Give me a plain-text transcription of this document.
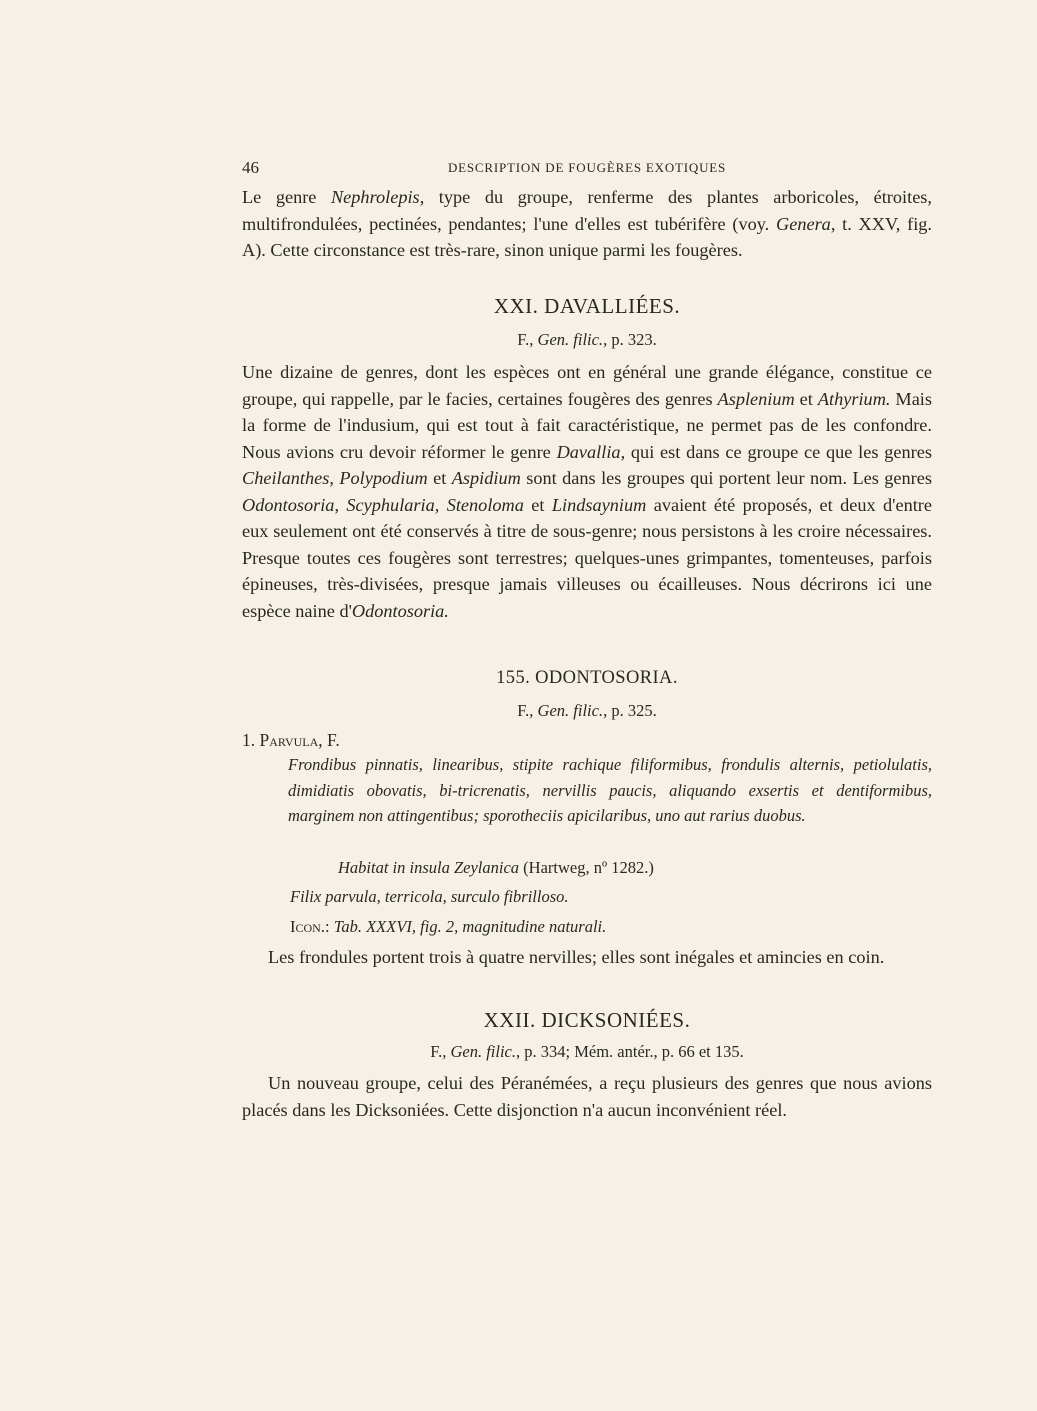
46	DESCRIPTION DE FOUGÈRES EXOTIQUES
Le genre Nephrolepis, type du groupe, renferme des plantes arboricoles, étroites, multifrondulées, pectinées, pendantes; l'une d'elles est tubérifère (voy. Genera, t. XXV, fig. A). Cette circonstance est très-rare, sinon unique parmi les fougères.
XXI. DAVALLIÉES.
F., Gen. filic., p. 323.
Une dizaine de genres, dont les espèces ont en général une grande élégance, constitue ce groupe, qui rappelle, par le facies, certaines fougères des genres Asplenium et Athyrium. Mais la forme de l'indusium, qui est tout à fait caractéristique, ne permet pas de les confondre. Nous avions cru devoir réformer le genre Davallia, qui est dans ce groupe ce que les genres Cheilanthes, Polypodium et Aspidium sont dans les groupes qui portent leur nom. Les genres Odontosoria, Scyphularia, Stenoloma et Lindsaynium avaient été proposés, et deux d'entre eux seulement ont été conservés à titre de sous-genre; nous persistons à les croire nécessaires. Presque toutes ces fougères sont terrestres; quelques-unes grimpantes, tomenteuses, parfois épineuses, très-divisées, presque jamais villeuses ou écailleuses. Nous décrirons ici une espèce naine d'Odontosoria.
155. ODONTOSORIA.
F., Gen. filic., p. 325.
1. Parvula, F.
Frondibus pinnatis, linearibus, stipite rachique filiformibus, frondulis alternis, petiolulatis, dimidiatis obovatis, bi-tricrenatis, nervillis paucis, aliquando exsertis et dentiformibus, marginem non attingentibus; sporotheciis apicilaribus, uno aut rarius duobus.
Habitat in insula Zeylanica (Hartweg, nº 1282.)
Filix parvula, terricola, surculo fibrilloso.
Icon.: Tab. XXXVI, fig. 2, magnitudine naturali.
Les frondules portent trois à quatre nervilles; elles sont inégales et amincies en coin.
XXII. DICKSONIÉES.
F., Gen. filic., p. 334; Mém. antér., p. 66 et 135.
Un nouveau groupe, celui des Péranémées, a reçu plusieurs des genres que nous avions placés dans les Dicksoniées. Cette disjonction n'a aucun inconvénient réel.
